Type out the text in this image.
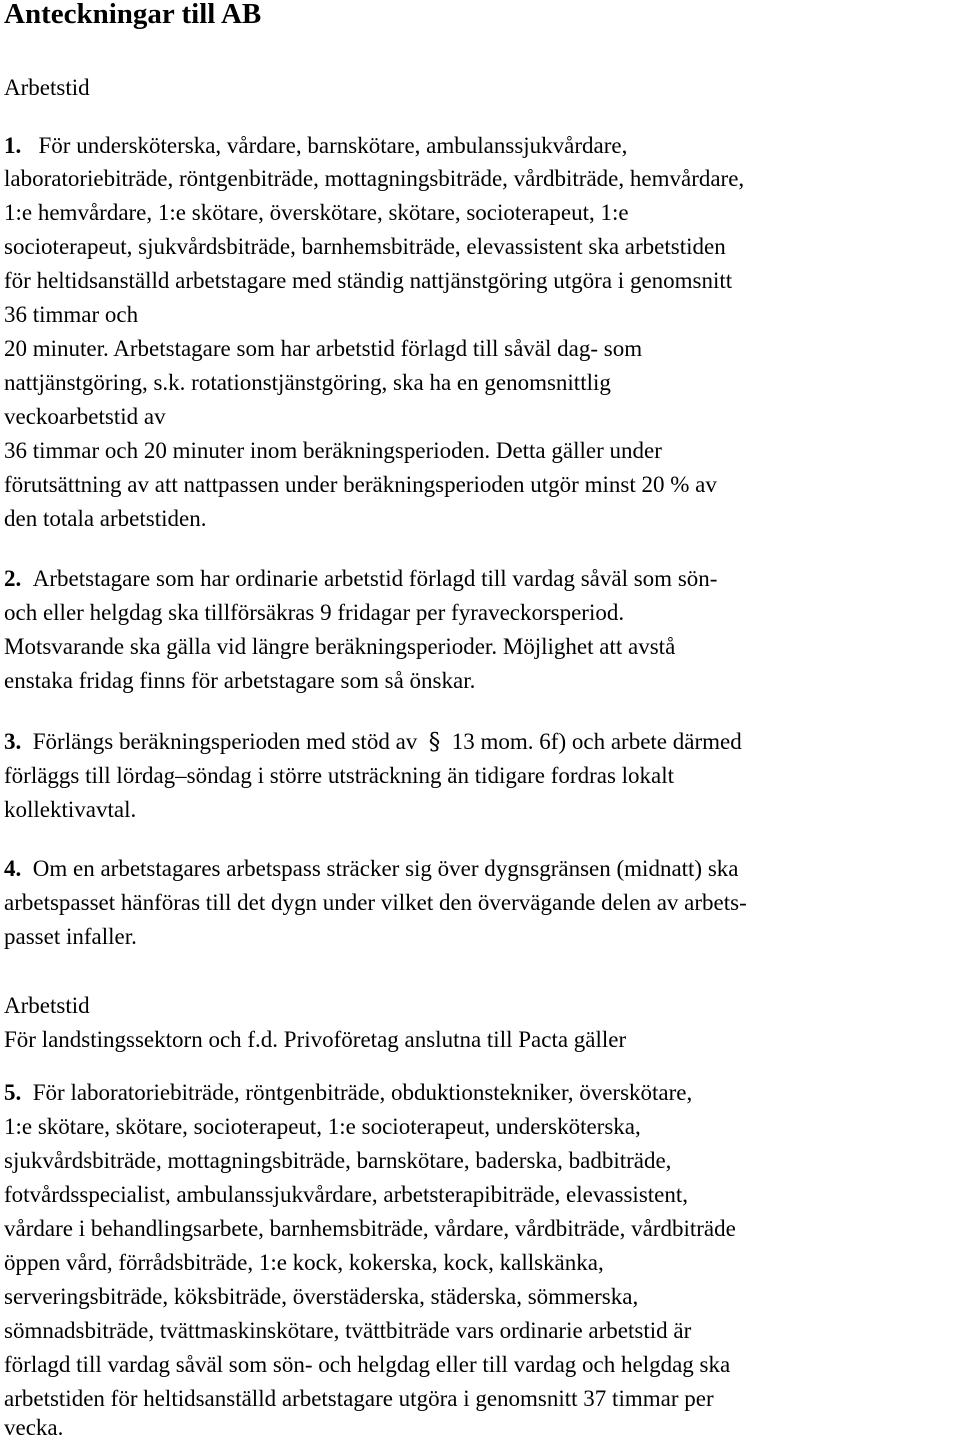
Anteckningar till AB

Arbetstid

1. För undersköterska, vårdare, barnskötare, ambulanssjukvårdare,

laboratoriebiträde, röntgenbiträde, mottagningsbiträde, vårdbiträde, hemvårdare,

1:e hemvårdare, 1:e skötare, överskötare, skötare, socioterapeut, 1:e

socioterapeut, sjukvårdsbiträde, barnhemsbiträde, elevassistent ska arbetstiden

för heltidsanställd arbetstagare med ständig nattjänstgöring utgöra i genomsnitt

36 timmar och

20 minuter. Arbetstagare som har arbetstid förlagd till såväl dag- som

nattjänstgöring, s.k. rotationstjänstgöring, ska ha en genomsnittlig

veckoarbetstid av

36 timmar och 20 minuter inom beräkningsperioden. Detta gäller under

förutsättning av att nattpassen under beräkningsperioden utgör minst 20 % av

den totala arbetstiden.

2. Arbetstagare som har ordinarie arbetstid förlagd till vardag såväl som sön-

och eller helgdag ska tillförsäkras 9 fridagar per fyraveckorsperiod.

Motsvarande ska gälla vid längre beräkningsperioder. Möjlighet att avstå

enstaka fridag finns för arbetstagare som så önskar.

3. Förlängs beräkningsperioden med stöd av § 13 mom. 6f) och arbete därmed

förläggs till lördag–söndag i större utsträckning än tidigare fordras lokalt

kollektivavtal.

4. Om en arbetstagares arbetspass sträcker sig över dygnsgränsen (midnatt) ska

arbetspasset hänföras till det dygn under vilket den övervägande delen av arbets-

passet infaller.

Arbetstid

För landstingssektorn och f.d. Privoföretag anslutna till Pacta gäller

5. För laboratoriebiträde, röntgenbiträde, obduktionstekniker, överskötare,

1:e skötare, skötare, socioterapeut, 1:e socioterapeut, undersköterska,

sjukvårdsbiträde, mottagningsbiträde, barnskötare, baderska, badbiträde,

fotvårdsspecialist, ambulanssjukvårdare, arbetsterapibiträde, elevassistent,

vårdare i behandlingsarbete, barnhemsbiträde, vårdare, vårdbiträde, vårdbiträde

öppen vård, förrådsbiträde, 1:e kock, kokerska, kock, kallskänka,

serveringsbiträde, köksbiträde, överstäderska, städerska, sömmerska,

sömnadsbiträde, tvättmaskinskötare, tvättbiträde vars ordinarie arbetstid är

förlagd till vardag såväl som sön- och helgdag eller till vardag och helgdag ska

arbetstiden för heltidsanställd arbetstagare utgöra i genomsnitt 37 timmar per

vecka.
